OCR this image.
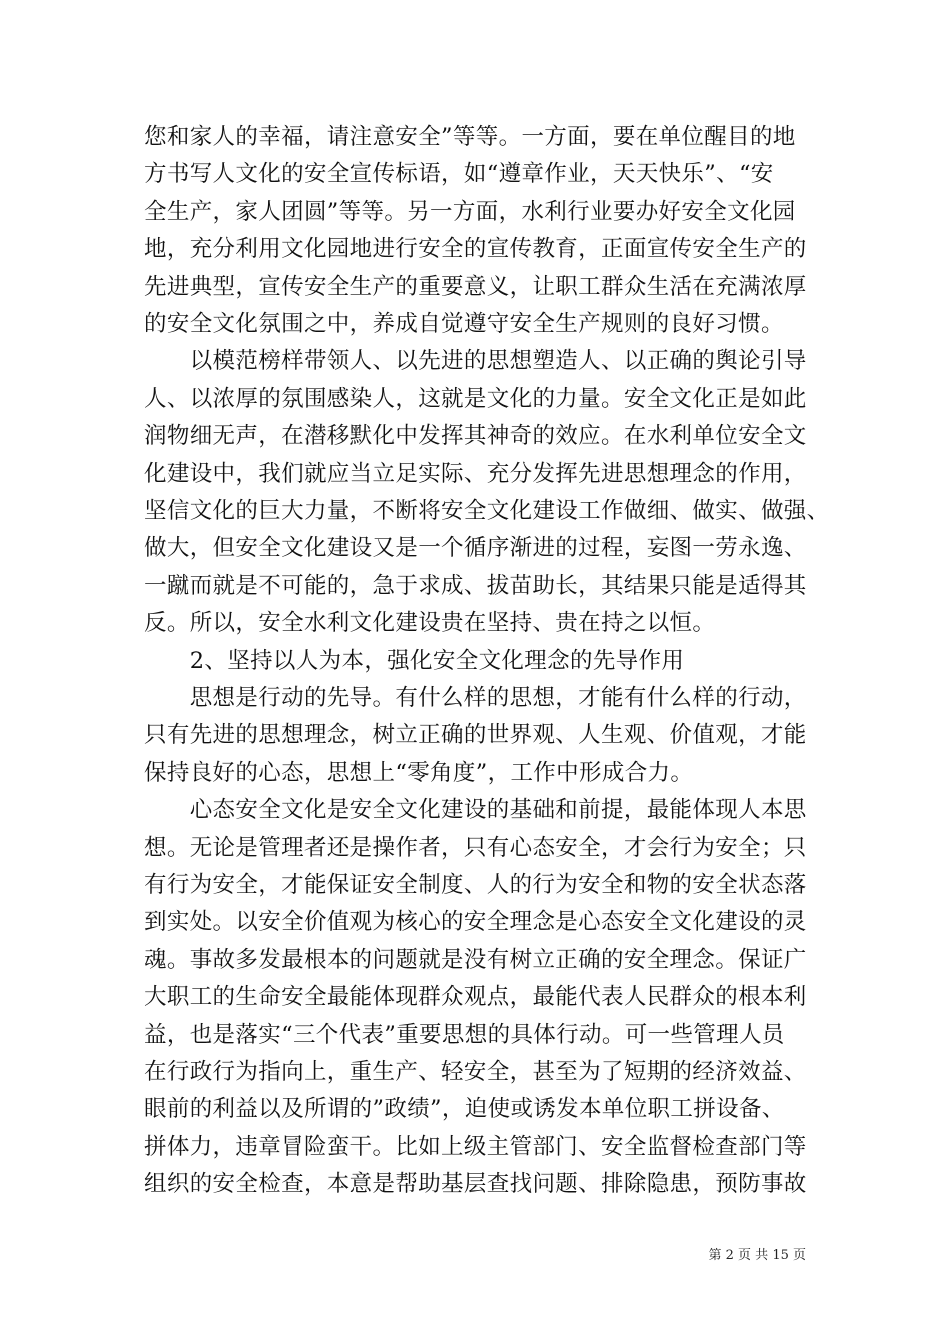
您和家人的幸福，请注意安全”等等。一方面，要在单位醒目的地
方书写人文化的安全宣传标语，如“遵章作业，天天快乐”、“安
全生产，家人团圆”等等。另一方面，水利行业要办好安全文化园
地，充分利用文化园地进行安全的宣传教育，正面宣传安全生产的
先进典型，宣传安全生产的重要意义，让职工群众生活在充满浓厚
的安全文化氛围之中，养成自觉遵守安全生产规则的良好习惯。
　　以模范榜样带领人、以先进的思想塑造人、以正确的舆论引导
人、以浓厚的氛围感染人，这就是文化的力量。安全文化正是如此
润物细无声，在潜移默化中发挥其神奇的效应。在水利单位安全文
化建设中，我们就应当立足实际、充分发挥先进思想理念的作用，
坚信文化的巨大力量，不断将安全文化建设工作做细、做实、做强、
做大，但安全文化建设又是一个循序渐进的过程，妄图一劳永逸、
一蹴而就是不可能的，急于求成、拔苗助长，其结果只能是适得其
反。所以，安全水利文化建设贵在坚持、贵在持之以恒。
　　2、坚持以人为本，强化安全文化理念的先导作用
　　思想是行动的先导。有什么样的思想，才能有什么样的行动，
只有先进的思想理念，树立正确的世界观、人生观、价值观，才能
保持良好的心态，思想上“零角度”，工作中形成合力。
　　心态安全文化是安全文化建设的基础和前提，最能体现人本思
想。无论是管理者还是操作者，只有心态安全，才会行为安全；只
有行为安全，才能保证安全制度、人的行为安全和物的安全状态落
到实处。以安全价值观为核心的安全理念是心态安全文化建设的灵
魂。事故多发最根本的问题就是没有树立正确的安全理念。保证广
大职工的生命安全最能体现群众观点，最能代表人民群众的根本利
益，也是落实“三个代表”重要思想的具体行动。可一些管理人员
在行政行为指向上，重生产、轻安全，甚至为了短期的经济效益、
眼前的利益以及所谓的”政绩”，迫使或诱发本单位职工拼设备、
拼体力，违章冒险蛮干。比如上级主管部门、安全监督检查部门等
组织的安全检查，本意是帮助基层查找问题、排除隐患，预防事故
第 2 页 共 15 页
